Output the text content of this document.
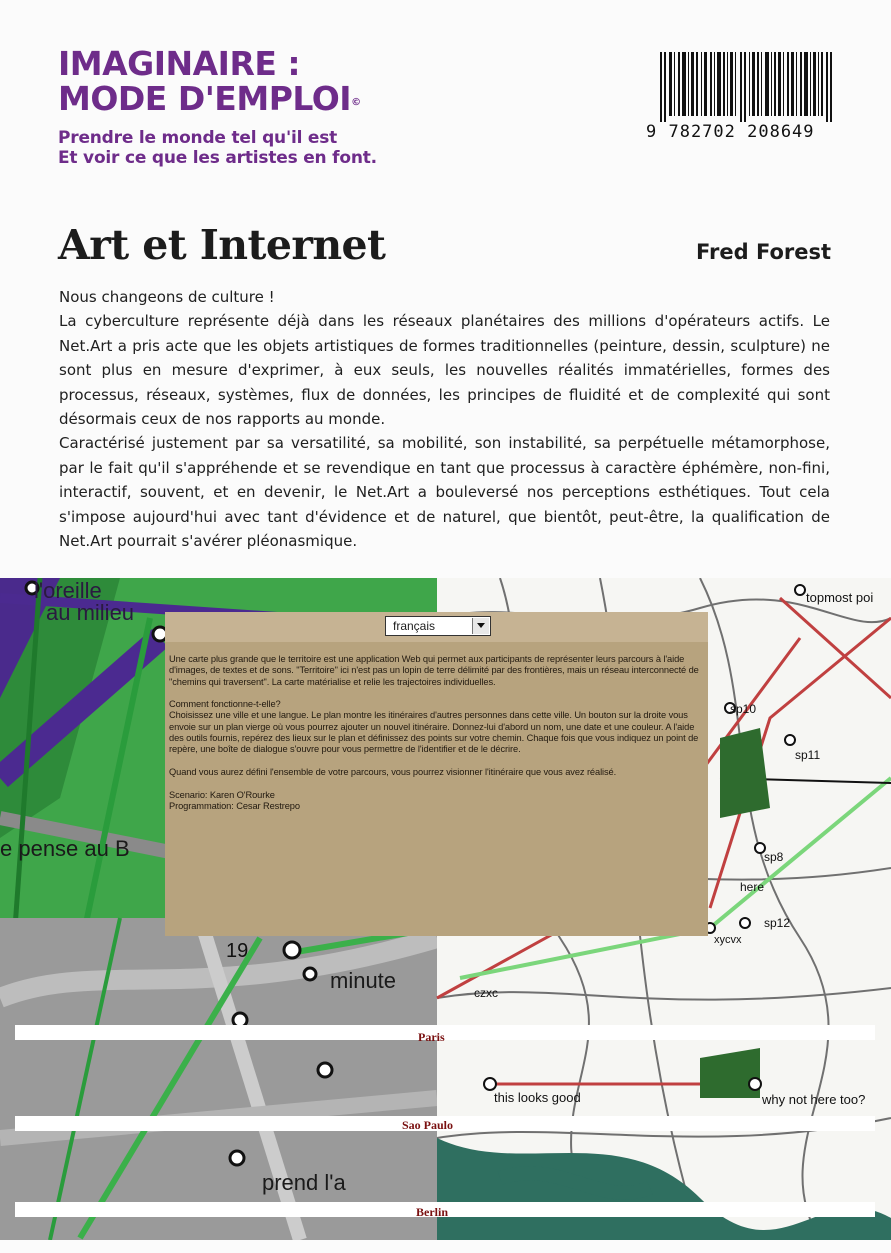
IMAGINAIRE :
MODE D'EMPLOI©
Prendre le monde tel qu'il est
Et voir ce que les artistes en font.
9 782702 208649
Art et Internet	Fred Forest

Nous changeons de culture !

La cyberculture représente déjà dans les réseaux planétaires des millions d'opérateurs actifs. Le Net.Art a pris acte que les objets artistiques de formes traditionnelles (peinture, dessin, sculpture) ne sont plus en mesure d'exprimer, à eux seuls, les nouvelles réalités immatérielles, formes des processus, réseaux, systèmes, flux de données, les principes de fluidité et de complexité qui sont désormais ceux de nos rapports au monde.

Caractérisé justement par sa versatilité, sa mobilité, son instabilité, sa perpétuelle métamorphose, par le fait qu'il s'appréhende et se revendique en tant que processus à caractère éphémère, non-fini, interactif, souvent, et en devenir, le Net.Art a bouleversé nos perceptions esthétiques. Tout cela s'impose aujourd'hui avec tant d'évidence et de naturel, que bientôt, peut-être, la qualification de Net.Art pourrait s'avérer pléonasmique.

l'oreille
au milieu
e pense au B
19
minute
prend l'a
topmost poi
sp10
sp11
sp8
here
sp12
xycvx
czxc
this looks good	why not here too?
français

Une carte plus grande que le territoire est une application Web qui permet aux participants de représenter leurs parcours à l'aide d'images, de textes et de sons. "Territoire" ici n'est pas un lopin de terre délimité par des frontières, mais un réseau interconnecté de "chemins qui traversent". La carte matérialise et relie les trajectoires individuelles.

Comment fonctionne-t-elle?

Choisissez une ville et une langue. Le plan montre les itinéraires d'autres personnes dans cette ville. Un bouton sur la droite vous envoie sur un plan vierge où vous pourrez ajouter un nouvel itinéraire. Donnez-lui d'abord un nom, une date et une couleur. A l'aide des outils fournis, repérez des lieux sur le plan et définissez des points sur votre chemin. Chaque fois que vous indiquez un point de repère, une boîte de dialogue s'ouvre pour vous permettre de l'identifier et de le décrire.

Quand vous aurez défini l'ensemble de votre parcours, vous pourrez visionner l'itinéraire que vous avez réalisé.

Scenario: Karen O'Rourke

Programmation: Cesar Restrepo

Paris
Sao Paulo
Berlin
